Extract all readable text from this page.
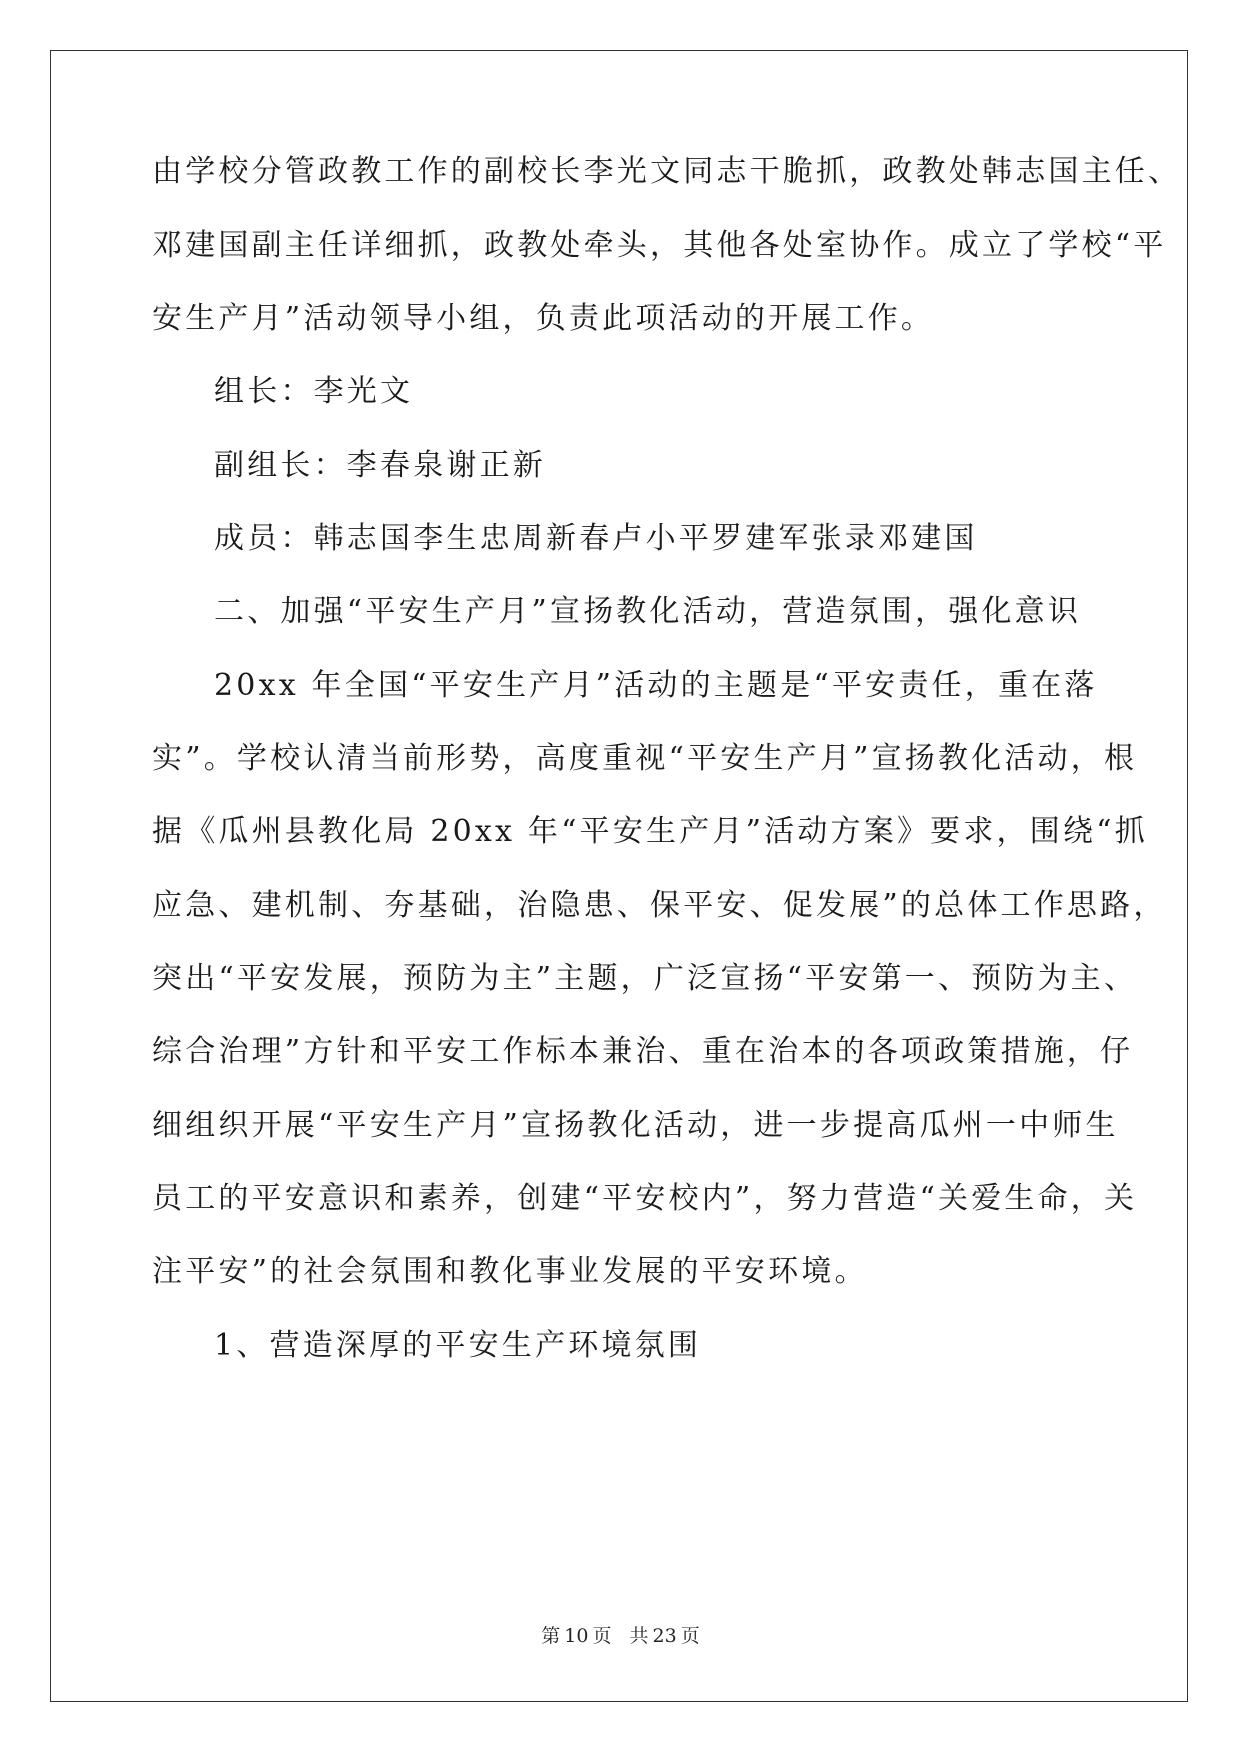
由学校分管政教工作的副校长李光文同志干脆抓，政教处韩志国主任、
邓建国副主任详细抓，政教处牵头，其他各处室协作。成立了学校“平
安生产月”活动领导小组，负责此项活动的开展工作。
组长：李光文
副组长：李春泉谢正新
成员：韩志国李生忠周新春卢小平罗建军张录邓建国
二、加强“平安生产月”宣扬教化活动，营造氛围，强化意识
20xx 年全国“平安生产月”活动的主题是“平安责任，重在落
实”。学校认清当前形势，高度重视“平安生产月”宣扬教化活动，根
据《瓜州县教化局 20xx 年“平安生产月”活动方案》要求，围绕“抓
应急、建机制、夯基础，治隐患、保平安、促发展”的总体工作思路，
突出“平安发展，预防为主”主题，广泛宣扬“平安第一、预防为主、
综合治理”方针和平安工作标本兼治、重在治本的各项政策措施，仔
细组织开展“平安生产月”宣扬教化活动，进一步提高瓜州一中师生
员工的平安意识和素养，创建“平安校内”，努力营造“关爱生命，关
注平安”的社会氛围和教化事业发展的平安环境。
1、营造深厚的平安生产环境氛围
第 10 页 共 23 页
